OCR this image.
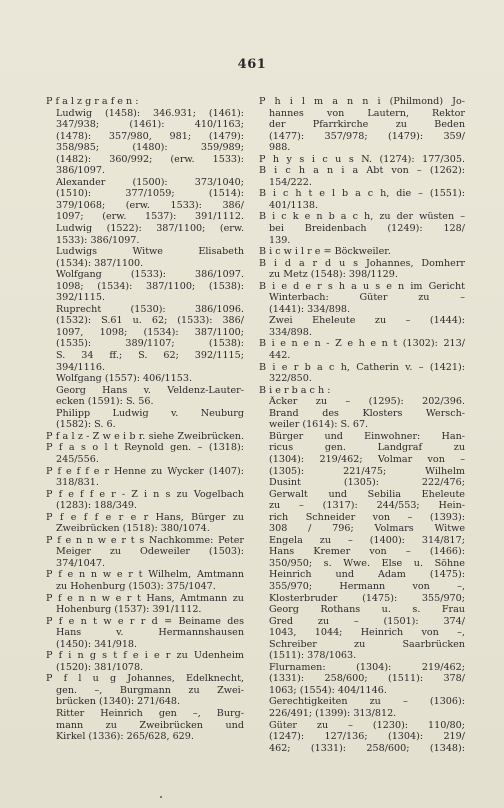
461
P f a l z g r a f e n :
Ludwig (1458): 346.931; (1461):
347/938; (1461): 410/1163;
(1478): 357/980, 981; (1479):
358/985; (1480): 359/989;
(1482): 360/992; (erw. 1533):
386/1097.
Alexander (1500): 373/1040;
(1510): 377/1059; (1514):
379/1068; (erw. 1533): 386/
1097; (erw. 1537): 391/1112.
Ludwig (1522): 387/1100; (erw.
1533): 386/1097.
Ludwigs Witwe Elisabeth
(1534): 387/1100.
Wolfgang (1533): 386/1097.
1098; (1534): 387/1100; (1538):
392/1115.
Ruprecht (1530): 386/1096.
(1532): S.61 u. 62; (1533): 386/
1097, 1098; (1534): 387/1100;
(1535): 389/1107; (1538):
S. 34 ff.; S. 62; 392/1115;
394/1116.
Wolfgang (1557): 406/1153.
Georg Hans v. Veldenz-Lauter-
ecken (1591): S. 56.
Philipp Ludwig v. Neuburg
(1582): S. 6.
P f a l z - Z w e i b r. siehe Zweibrücken.
P f a s o l t Reynold gen. – (1318):
245/556.
P f e f f e r Henne zu Wycker (1407):
318/831.
P f e f f e r - Z i n s zu Vogelbach
(1283): 188/349.
P f e f f e r e r Hans, Bürger zu
Zweibrücken (1518): 380/1074.
P f e n n w e r t s Nachkomme: Peter
Meiger zu Odeweiler (1503):
374/1047.
P f e n n w e r t Wilhelm, Amtmann
zu Hohenburg (1503): 375/1047.
P f e n n w e r t Hans, Amtmann zu
Hohenburg (1537): 391/1112.
P f e n t w e r r d = Beiname des
Hans v. Hermannshausen
(1450): 341/918.
P f i n g s t f e i e r zu Udenheim
(1520): 381/1078.
P f l u g Johannes, Edelknecht,
gen. –, Burgmann zu Zwei-
brücken (1340): 271/648.
Ritter Heinrich gen –, Burg-
mann zu Zweibrücken und
Kirkel (1336): 265/628, 629.
P h i l m a n n i (Philmond) Jo-
hannes von Lautern, Rektor
der Pfarrkirche zu Beden
(1477): 357/978; (1479): 359/
988.
P h y s i c u s N. (1274): 177/305.
B i c h a n i a Abt von – (1262):
154/222.
B i c h t e l b a c h, die – (1551):
401/1138.
B i c k e n b a c h, zu der wüsten –
bei Breidenbach (1249): 128/
139.
B i c w i l r e = Böckweiler.
B i d a r d u s Johannes, Domherr
zu Metz (1548): 398/1129.
B i e d e r s h a u s e n im Gericht
Winterbach: Güter zu –
(1441): 334/898.
Zwei Eheleute zu – (1444):
334/898.
B i e n e n - Z e h e n t (1302): 213/
442.
B i e r b a c h, Catherin v. – (1421):
322/850.
B i e r b a c h :
Äcker zu – (1295): 202/396.
Brand des Klosters Wersch-
weiler (1614): S. 67.
Bürger und Einwohner: Han-
ricus gen. Landgraf zu
(1304): 219/462; Volmar von –
(1305): 221/475; Wilhelm
Dusint (1305): 222/476;
Gerwalt und Sebilia Eheleute
zu – (1317): 244/553; Hein-
rich Schneider von – (1393):
308 / 796; Volmars Witwe
Engela zu – (1400): 314/817;
Hans Kremer von – (1466):
350/950; s. Wwe. Else u. Söhne
Heinrich und Adam (1475):
355/970; Hermann von –,
Klosterbruder (1475): 355/970;
Georg Rothans u. s. Frau
Gred zu – (1501): 374/
1043, 1044; Heinrich von –,
Schreiber zu Saarbrücken
(1511): 378/1063.
Flurnamen: (1304): 219/462;
(1331): 258/600; (1511): 378/
1063; (1554): 404/1146.
Gerechtigkeiten zu – (1306):
226/491; (1399): 313/812.
Güter zu – (1230): 110/80;
(1247): 127/136; (1304): 219/
462; (1331): 258/600; (1348):
